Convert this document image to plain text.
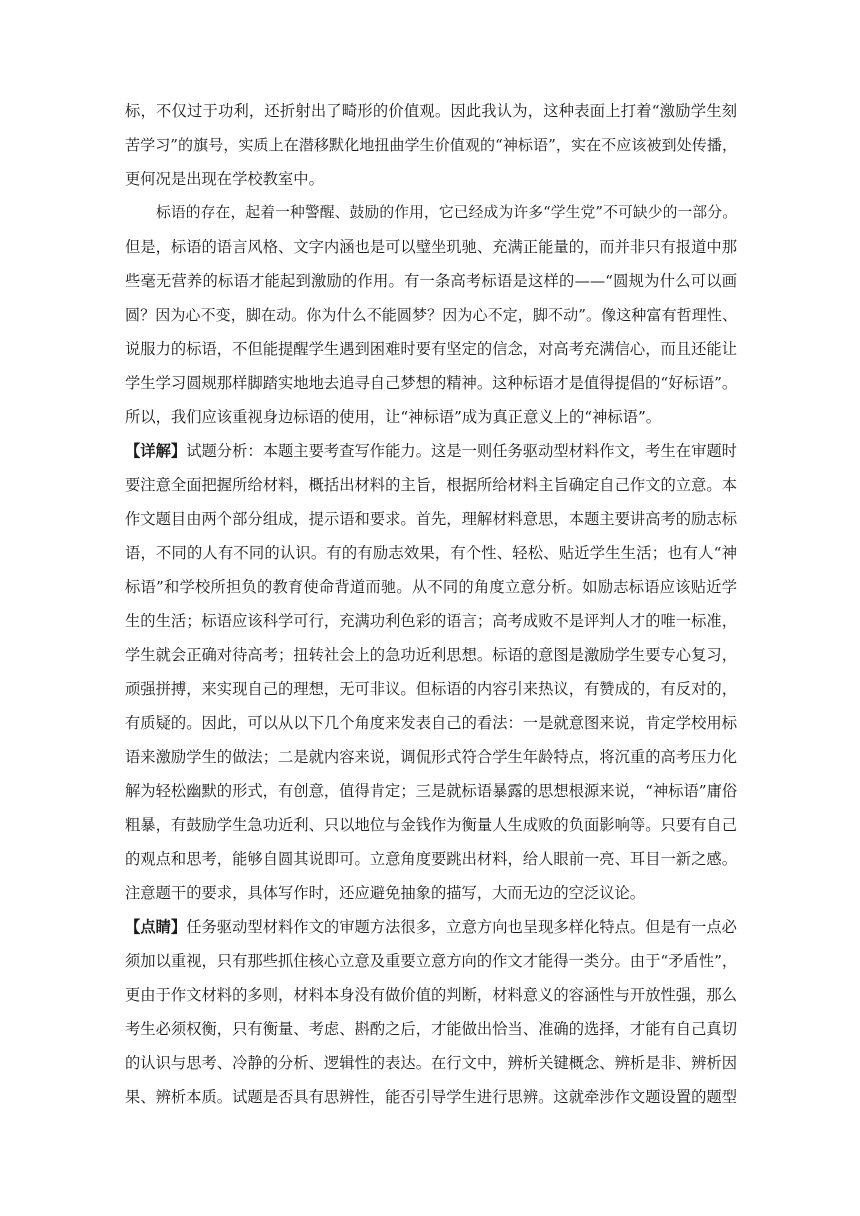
标，不仅过于功利，还折射出了畸形的价值观。因此我认为，这种表面上打着“激励学生刻
苦学习”的旗号，实质上在潜移默化地扭曲学生价值观的“神标语”，实在不应该被到处传播，
更何况是出现在学校教室中。
标语的存在，起着一种警醒、鼓励的作用，它已经成为许多“学生党”不可缺少的一部分。
但是，标语的语言风格、文字内涵也是可以璧坐玑驰、充满正能量的，而并非只有报道中那
些毫无营养的标语才能起到激励的作用。有一条高考标语是这样的——“圆规为什么可以画
圆？因为心不变，脚在动。你为什么不能圆梦？因为心不定，脚不动”。像这种富有哲理性、
说服力的标语，不但能提醒学生遇到困难时要有坚定的信念，对高考充满信心，而且还能让
学生学习圆规那样脚踏实地地去追寻自己梦想的精神。这种标语才是值得提倡的“好标语”。
所以，我们应该重视身边标语的使用，让“神标语”成为真正意义上的“神标语”。
【详解】试题分析：本题主要考查写作能力。这是一则任务驱动型材料作文，考生在审题时
要注意全面把握所给材料，概括出材料的主旨，根据所给材料主旨确定自己作文的立意。本
作文题目由两个部分组成，提示语和要求。首先，理解材料意思，本题主要讲高考的励志标
语，不同的人有不同的认识。有的有励志效果，有个性、轻松、贴近学生生活；也有人“神
标语”和学校所担负的教育使命背道而驰。从不同的角度立意分析。如励志标语应该贴近学
生的生活；标语应该科学可行，充满功利色彩的语言；高考成败不是评判人才的唯一标准，
学生就会正确对待高考；扭转社会上的急功近利思想。标语的意图是激励学生要专心复习，
顽强拼搏，来实现自己的理想，无可非议。但标语的内容引来热议，有赞成的，有反对的，
有质疑的。因此，可以从以下几个角度来发表自己的看法：一是就意图来说，肯定学校用标
语来激励学生的做法；二是就内容来说，调侃形式符合学生年龄特点，将沉重的高考压力化
解为轻松幽默的形式，有创意，值得肯定；三是就标语暴露的思想根源来说，“神标语”庸俗
粗暴，有鼓励学生急功近利、只以地位与金钱作为衡量人生成败的负面影响等。只要有自己
的观点和思考，能够自圆其说即可。立意角度要跳出材料，给人眼前一亮、耳目一新之感。
注意题干的要求，具体写作时，还应避免抽象的描写，大而无边的空泛议论。
【点睛】任务驱动型材料作文的审题方法很多，立意方向也呈现多样化特点。但是有一点必
须加以重视，只有那些抓住核心立意及重要立意方向的作文才能得一类分。由于“矛盾性”，
更由于作文材料的多则，材料本身没有做价值的判断，材料意义的容涵性与开放性强，那么
考生必须权衡，只有衡量、考虑、斟酌之后，才能做出恰当、准确的选择，才能有自己真切
的认识与思考、冷静的分析、逻辑性的表达。在行文中，辨析关键概念、辨析是非、辨析因
果、辨析本质。试题是否具有思辨性，能否引导学生进行思辨。这就牵涉作文题设置的题型
